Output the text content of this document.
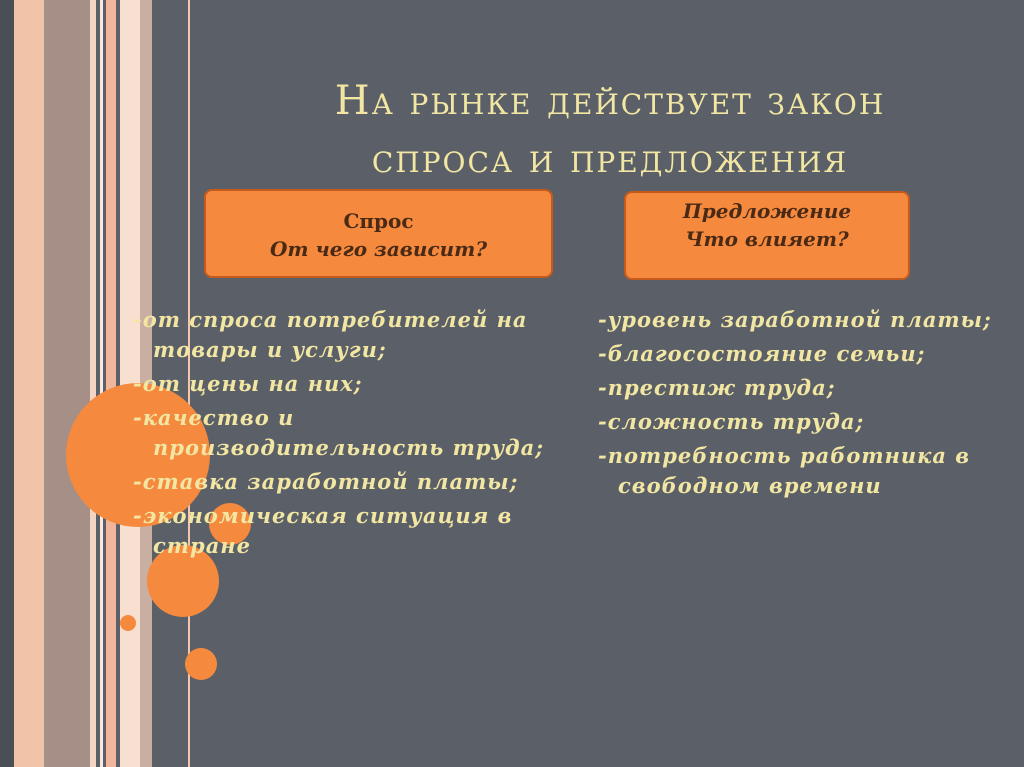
На рынке действует закон
спроса и предложения
Спрос
От чего зависит?
Предложение
Что влияет?
-от спроса потребителей на товары и услуги;
-от цены на них;
-качество и производительность труда;
-ставка заработной платы;
-экономическая ситуация в стране
-уровень заработной платы;
-благосостояние семьи;
-престиж труда;
-сложность труда;
-потребность работника в свободном времени
